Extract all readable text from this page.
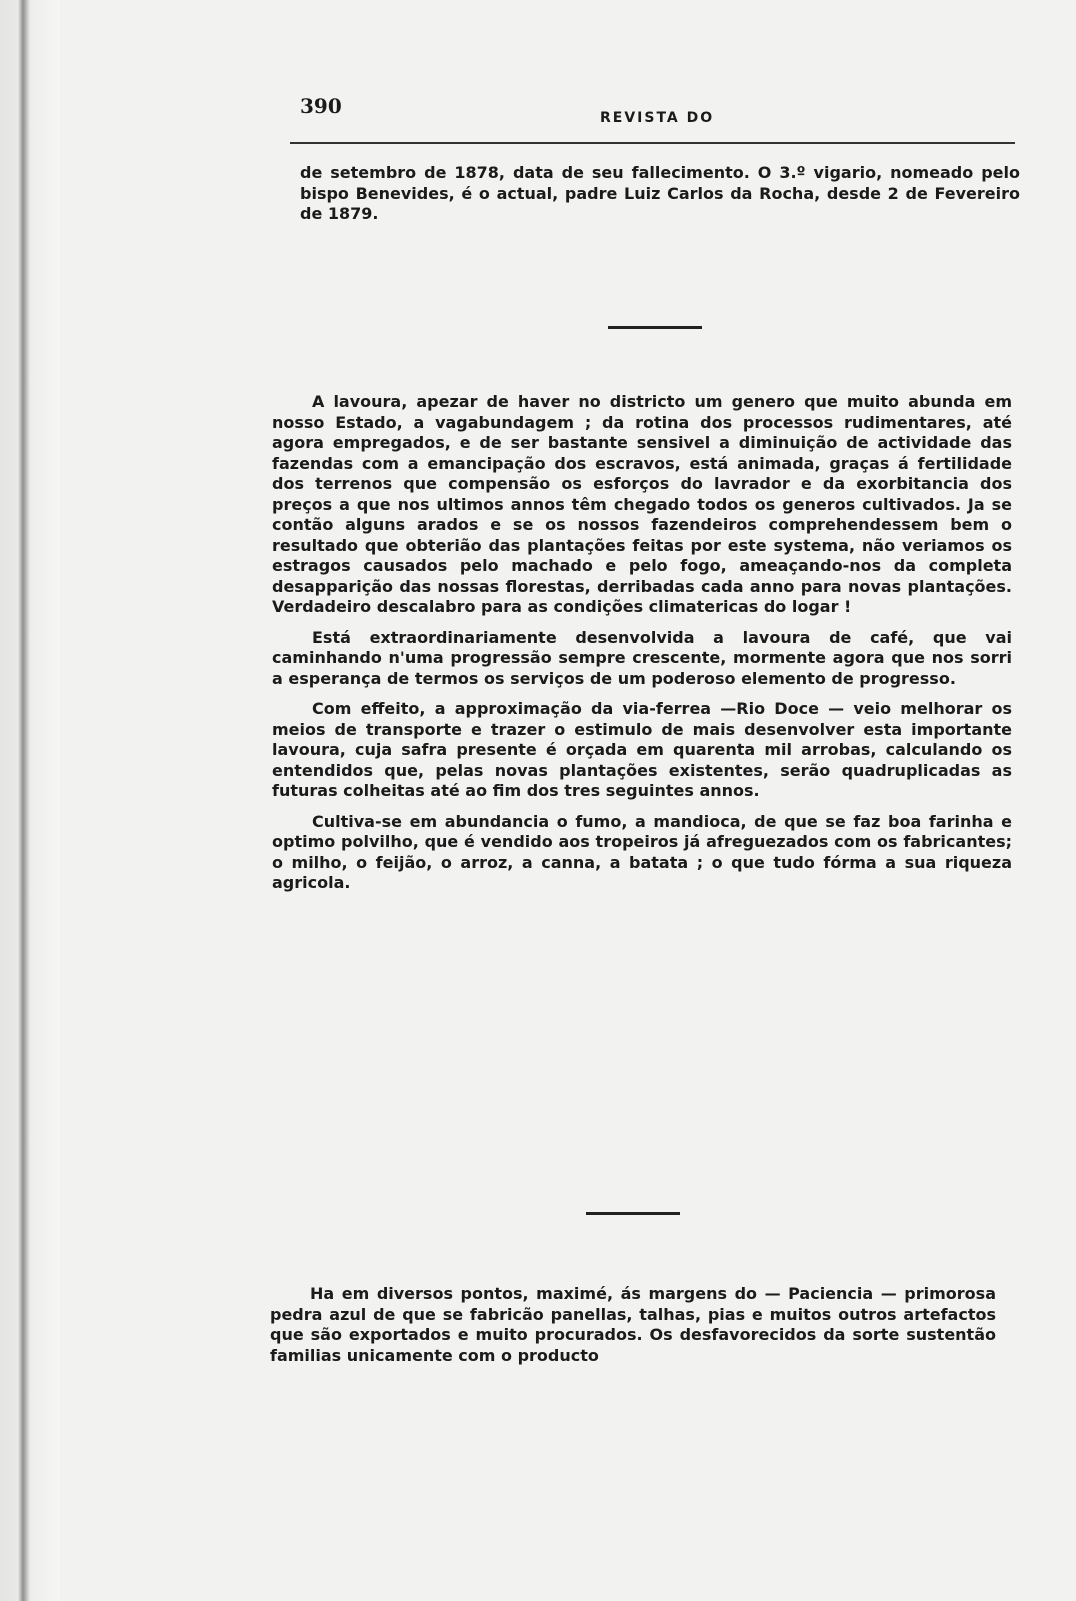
390	REVISTA DO

de setembro de 1878, data de seu fallecimento. O 3.º vigario, nomeado pelo bispo Benevides, é o actual, padre Luiz Carlos da Rocha, desde 2 de Fevereiro de 1879.

A lavoura, apezar de haver no districto um genero que muito abunda em nosso Estado, a vagabundagem ; da rotina dos processos rudimentares, até agora empregados, e de ser bastante sensivel a diminuição de actividade das fazendas com a emancipação dos escravos, está animada, graças á fertilidade dos terrenos que compensão os esforços do lavrador e da exorbitancia dos preços a que nos ultimos annos têm chegado todos os generos cultivados. Ja se contão alguns arados e se os nossos fazendeiros comprehendessem bem o resultado que obterião das plantações feitas por este systema, não veriamos os estragos causados pelo machado e pelo fogo, ameaçando-nos da completa desapparição das nossas florestas, derribadas cada anno para novas plantações. Verdadeiro descalabro para as condições climatericas do logar !

Está extraordinariamente desenvolvida a lavoura de café, que vai caminhando n'uma progressão sempre crescente, mormente agora que nos sorri a esperança de termos os serviços de um poderoso elemento de progresso.

Com effeito, a approximação da via-ferrea —Rio Doce — veio melhorar os meios de transporte e trazer o estimulo de mais desenvolver esta importante lavoura, cuja safra presente é orçada em quarenta mil arrobas, calculando os entendidos que, pelas novas plantações existentes, serão quadruplicadas as futuras colheitas até ao fim dos tres seguintes annos.

Cultiva-se em abundancia o fumo, a mandioca, de que se faz boa farinha e optimo polvilho, que é vendido aos tropeiros já afreguezados com os fabricantes; o milho, o feijão, o arroz, a canna, a batata ; o que tudo fórma a sua riqueza agricola.

Ha em diversos pontos, maximé, ás margens do — Paciencia — primorosa pedra azul de que se fabricão panellas, talhas, pias e muitos outros artefactos que são exportados e muito procurados. Os desfavorecidos da sorte sustentão familias unicamente com o producto
